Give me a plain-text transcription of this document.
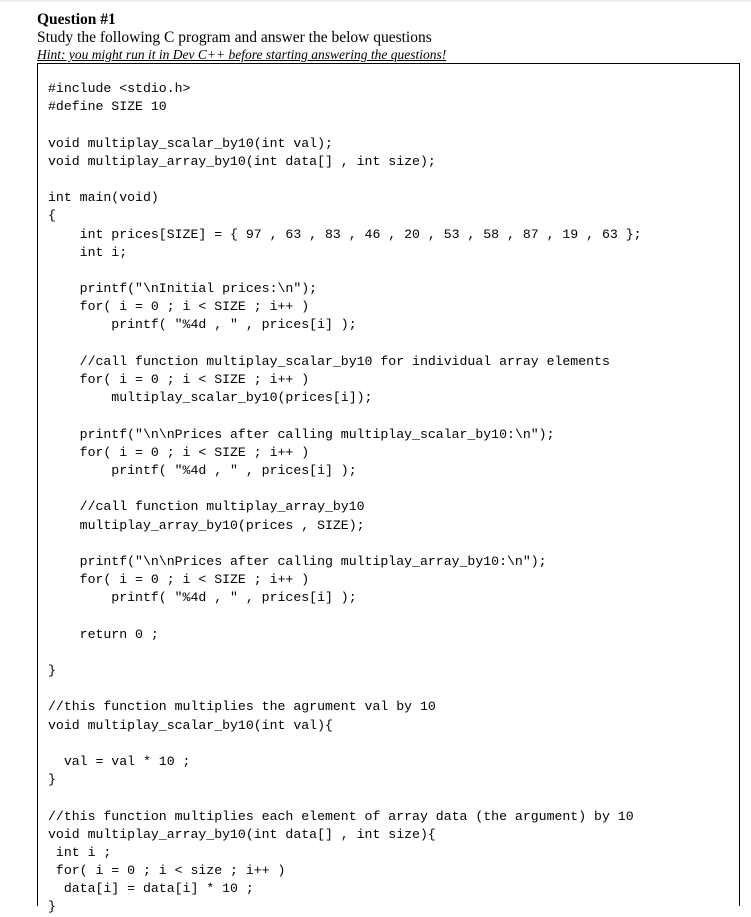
Question #1
Study the following C program and answer the below questions
Hint: you might run it in Dev C++ before starting answering the questions!
#include <stdio.h>
#define SIZE 10
void multiplay_scalar_by10(int val);
void multiplay_array_by10(int data[] , int size);
int main(void)
{
int prices[SIZE] = { 97 , 63 , 83 , 46 , 20 , 53 , 58 , 87 , 19 , 63 };
int i;
printf("\nInitial prices:\n");
for( i = 0 ; i < SIZE ; i++ )
printf( "%4d , " , prices[i] );
//call function multiplay_scalar_by10 for individual array elements
for( i = 0 ; i < SIZE ; i++ )
multiplay_scalar_by10(prices[i]);
printf("\n\nPrices after calling multiplay_scalar_by10:\n");
for( i = 0 ; i < SIZE ; i++ )
printf( "%4d , " , prices[i] );
//call function multiplay_array_by10
multiplay_array_by10(prices , SIZE);
printf("\n\nPrices after calling multiplay_array_by10:\n");
for( i = 0 ; i < SIZE ; i++ )
printf( "%4d , " , prices[i] );
return 0 ;
}
//this function multiplies the agrument val by 10
void multiplay_scalar_by10(int val){
val = val * 10 ;
}
//this function multiplies each element of array data (the argument) by 10
void multiplay_array_by10(int data[] , int size){
int i ;
for( i = 0 ; i < size ; i++ )
data[i] = data[i] * 10 ;
}
